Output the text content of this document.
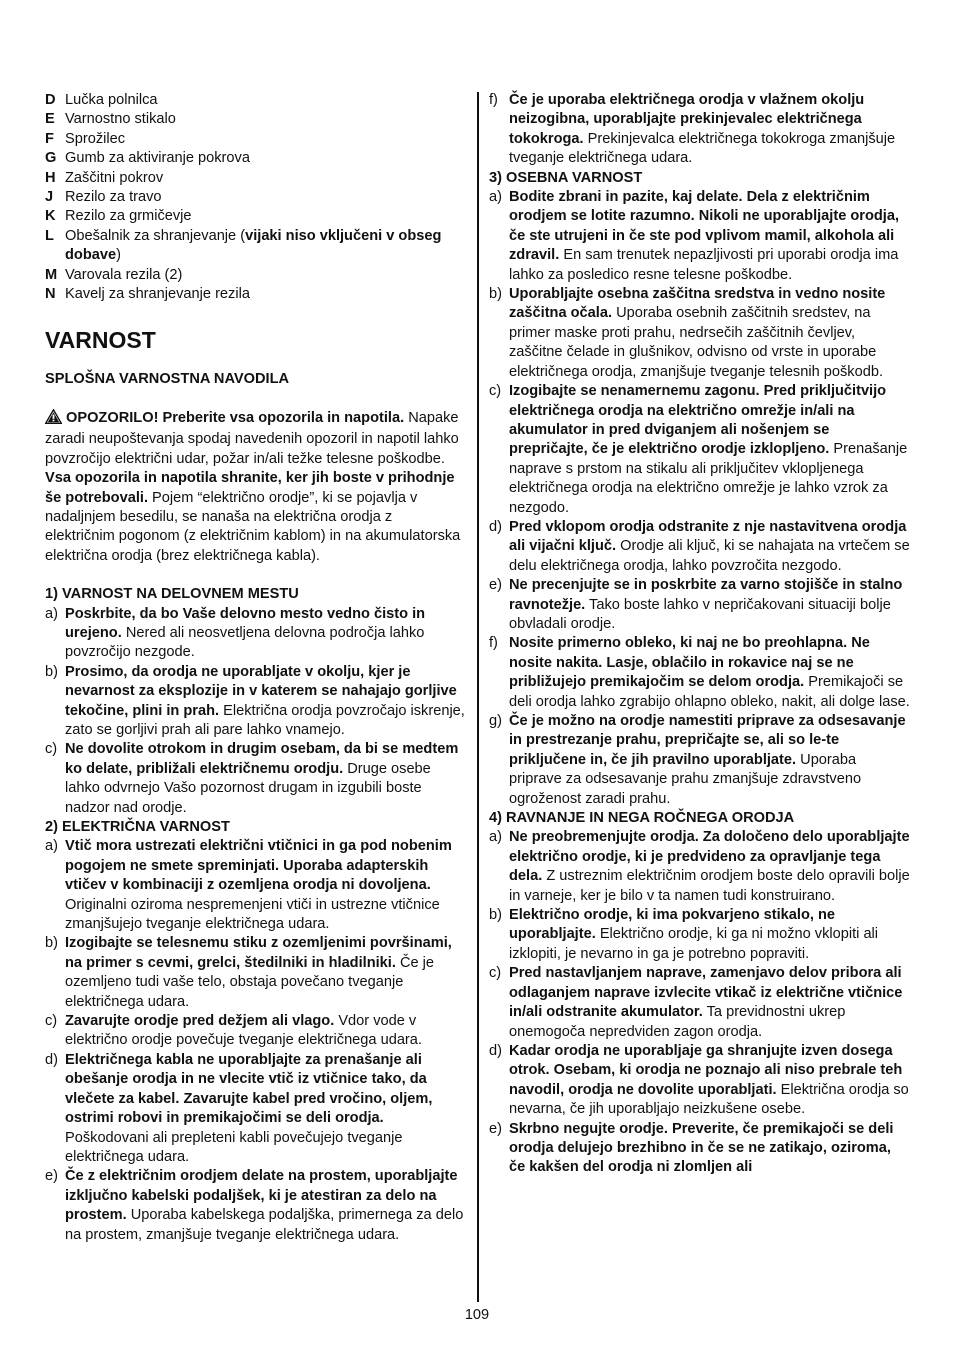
D Lučka polnilca
E Varnostno stikalo
F Sprožilec
G Gumb za aktiviranje pokrova
H Zaščitni pokrov
J Rezilo za travo
K Rezilo za grmičevje
L Obešalnik za shranjevanje (vijaki niso vključeni v obseg dobave)
M Varovala rezila (2)
N Kavelj za shranjevanje rezila
VARNOST
SPLOŠNA VARNOSTNA NAVODILA
OPOZORILO! Preberite vsa opozorila in napotila. Napake zaradi neupoštevanja spodaj navedenih opozoril in napotil lahko povzročijo električni udar, požar in/ali težke telesne poškodbe. Vsa opozorila in napotila shranite, ker jih boste v prihodnje še potrebovali. Pojem “električno orodje”, ki se pojavlja v nadaljnjem besedilu, se nanaša na električna orodja z električnim pogonom (z električnim kablom) in na akumulatorska električna orodja (brez električnega kabla).
1) VARNOST NA DELOVNEM MESTU
a) Poskrbite, da bo Vaše delovno mesto vedno čisto in urejeno. Nered ali neosvetljena delovna področja lahko povzročijo nezgode.
b) Prosimo, da orodja ne uporabljate v okolju, kjer je nevarnost za eksplozije in v katerem se nahajajo gorljive tekočine, plini in prah. Električna orodja povzročajo iskrenje, zato se gorljivi prah ali pare lahko vnamejo.
c) Ne dovolite otrokom in drugim osebam, da bi se medtem ko delate, približali električnemu orodju. Druge osebe lahko odvrnejo Vašo pozornost drugam in izgubili boste nadzor nad orodje.
2) ELEKTRIČNA VARNOST
a) Vtič mora ustrezati električni vtičnici in ga pod nobenim pogojem ne smete spreminjati. Uporaba adapterskih vtičev v kombinaciji z ozemljena orodja ni dovoljena. Originalni oziroma nespremenjeni vtiči in ustrezne vtičnice zmanjšujejo tveganje električnega udara.
b) Izogibajte se telesnemu stiku z ozemljenimi površinami, na primer s cevmi, grelci, štedilniki in hladilniki. Če je ozemljeno tudi vaše telo, obstaja povečano tveganje električnega udara.
c) Zavarujte orodje pred dežjem ali vlago. Vdor vode v električno orodje povečuje tveganje električnega udara.
d) Električnega kabla ne uporabljajte za prenašanje ali obešanje orodja in ne vlecite vtič iz vtičnice tako, da vlečete za kabel. Zavarujte kabel pred vročino, oljem, ostrimi robovi in premikajočimi se deli orodja. Poškodovani ali prepleteni kabli povečujejo tveganje električnega udara.
e) Če z električnim orodjem delate na prostem, uporabljajte izključno kabelski podaljšek, ki je atestiran za delo na prostem. Uporaba kabelskega podaljška, primernega za delo na prostem, zmanjšuje tveganje električnega udara.
f) Če je uporaba električnega orodja v vlažnem okolju neizogibna, uporabljajte prekinjevalec električnega tokokroga. Prekinjevalca električnega tokokroga zmanjšuje tveganje električnega udara.
3) OSEBNA VARNOST
a) Bodite zbrani in pazite, kaj delate. Dela z električnim orodjem se lotite razumno. Nikoli ne uporabljajte orodja, če ste utrujeni in če ste pod vplivom mamil, alkohola ali zdravil. En sam trenutek nepazljivosti pri uporabi orodja ima lahko za posledico resne telesne poškodbe.
b) Uporabljajte osebna zaščitna sredstva in vedno nosite zaščitna očala. Uporaba osebnih zaščitnih sredstev, na primer maske proti prahu, nedrsečih zaščitnih čevljev, zaščitne čelade in glušnikov, odvisno od vrste in uporabe električnega orodja, zmanjšuje tveganje telesnih poškodb.
c) Izogibajte se nenamernemu zagonu. Pred priključitvijo električnega orodja na električno omrežje in/ali na akumulator in pred dviganjem ali nošenjem se prepričajte, če je električno orodje izklopljeno. Prenašanje naprave s prstom na stikalu ali priključitev vklopljenega električnega orodja na električno omrežje je lahko vzrok za nezgodo.
d) Pred vklopom orodja odstranite z nje nastavitvena orodja ali vijačni ključ. Orodje ali ključ, ki se nahajata na vrtečem se delu električnega orodja, lahko povzročita nezgodo.
e) Ne precenjujte se in poskrbite za varno stojišče in stalno ravnotežje. Tako boste lahko v nepričakovani situaciji bolje obvladali orodje.
f) Nosite primerno obleko, ki naj ne bo preohlapna. Ne nosite nakita. Lasje, oblačilo in rokavice naj se ne približujejo premikajočim se delom orodja. Premikajoči se deli orodja lahko zgrabijo ohlapno obleko, nakit, ali dolge lase.
g) Če je možno na orodje namestiti priprave za odsesavanje in prestrezanje prahu, prepričajte se, ali so le-te priključene in, če jih pravilno uporabljate. Uporaba priprave za odsesavanje prahu zmanjšuje zdravstveno ogroženost zaradi prahu.
4) RAVNANJE IN NEGA ROČNEGA ORODJA
a) Ne preobremenjujte orodja. Za določeno delo uporabljajte električno orodje, ki je predvideno za opravljanje tega dela. Z ustreznim električnim orodjem boste delo opravili bolje in varneje, ker je bilo v ta namen tudi konstruirano.
b) Električno orodje, ki ima pokvarjeno stikalo, ne uporabljajte. Električno orodje, ki ga ni možno vklopiti ali izklopiti, je nevarno in ga je potrebno popraviti.
c) Pred nastavljanjem naprave, zamenjavo delov pribora ali odlaganjem naprave izvlecite vtikač iz električne vtičnice in/ali odstranite akumulator. Ta previdnostni ukrep onemogoča nepredviden zagon orodja.
d) Kadar orodja ne uporabljaje ga shranjujte izven dosega otrok. Osebam, ki orodja ne poznajo ali niso prebrale teh navodil, orodja ne dovolite uporabljati. Električna orodja so nevarna, če jih uporabljajo neizkušene osebe.
e) Skrbno negujte orodje. Preverite, če premikajoči se deli orodja delujejo brezhibno in če se ne zatikajo, oziroma, če kakšen del orodja ni zlomljen ali
109
